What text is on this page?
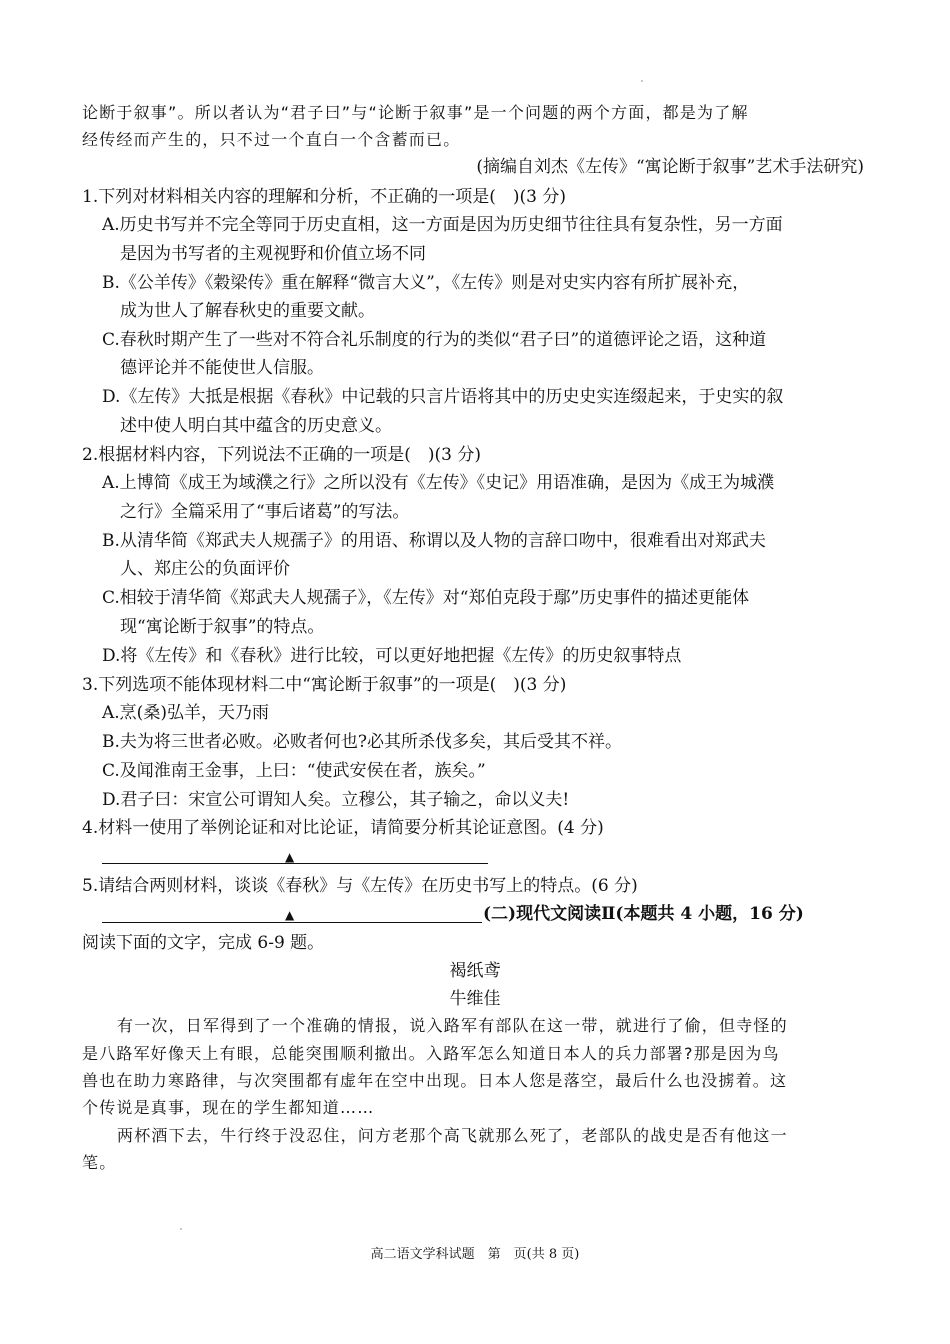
论断于叙事”。所以者认为“君子曰”与“论断于叙事”是一个问题的两个方面，都是为了解
经传经而产生的，只不过一个直白一个含蓄而已。
(摘编自刘杰《左传》“寓论断于叙事”艺术手法研究)
1.下列对材料相关内容的理解和分析，不正确的一项是(　)(3 分)
A.历史书写并不完全等同于历史直相，这一方面是因为历史细节往往具有复杂性，另一方面
是因为书写者的主观视野和价值立场不同
B.《公羊传》《穀梁传》重在解释“微言大义”，《左传》则是对史实内容有所扩展补充，
成为世人了解春秋史的重要文献。
C.春秋时期产生了一些对不符合礼乐制度的行为的类似“君子曰”的道德评论之语，这种道
德评论并不能使世人信服。
D.《左传》大抵是根据《春秋》中记载的只言片语将其中的历史史实连缀起来，于史实的叙
述中使人明白其中蕴含的历史意义。
2.根据材料内容，下列说法不正确的一项是(　)(3 分)
A.上博简《成王为域濮之行》之所以没有《左传》《史记》用语准确，是因为《成王为城濮
之行》全篇采用了“事后诸葛”的写法。
B.从清华简《郑武夫人规孺子》的用语、称谓以及人物的言辞口吻中，很难看出对郑武夫
人、郑庄公的负面评价
C.相较于清华简《郑武夫人规孺子》，《左传》对“郑伯克段于鄢”历史事件的描述更能体
现“寓论断于叙事”的特点。
D.将《左传》和《春秋》进行比较，可以更好地把握《左传》的历史叙事特点
3.下列选项不能体现材料二中“寓论断于叙事”的一项是(　)(3 分)
A.烹(桑)弘羊，天乃雨
B.夫为将三世者必败。必败者何也?必其所杀伐多矣，其后受其不祥。
C.及闻淮南王金事，上曰：“使武安侯在者，族矣。”
D.君子曰：宋宣公可谓知人矣。立穆公，其子输之，命以义夫!
4.材料一使用了举例论证和对比论证，请简要分析其论证意图。(4 分)
▲
5.请结合两则材料，谈谈《春秋》与《左传》在历史书写上的特点。(6 分)
▲	(二)现代文阅读Ⅱ(本题共 4 小题，16 分)
阅读下面的文字，完成 6-9 题。
褐纸鸢
牛维佳
有一次，日军得到了一个准确的情报，说入路军有部队在这一带，就进行了偷，但寺怪的
是八路军好像天上有眼，总能突围顺利撤出。入路军怎么知道日本人的兵力部署?那是因为鸟
兽也在助力寒路律，与次突围都有虚年在空中出现。日本人您是落空，最后什么也没掳着。这
个传说是真事，现在的学生都知道……
两杯酒下去，牛行终于没忍住，问方老那个高飞就那么死了，老部队的战史是否有他这一
笔。
高二语文学科试题　第　页(共 8 页)
